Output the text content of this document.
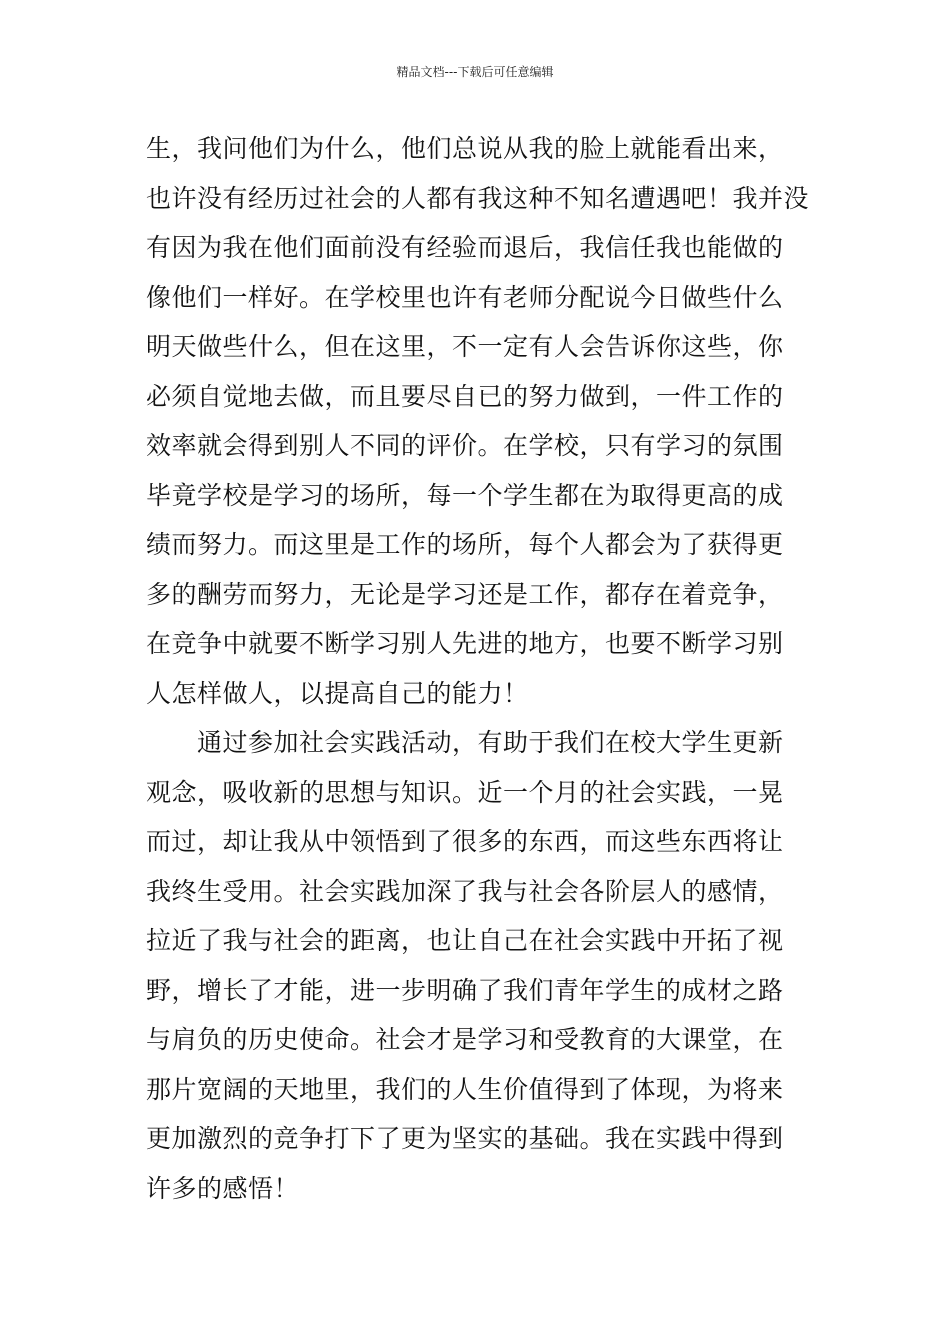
精品文档---下载后可任意编辑
生，我问他们为什么，他们总说从我的脸上就能看出来，
也许没有经历过社会的人都有我这种不知名遭遇吧！我并没
有因为我在他们面前没有经验而退后，我信任我也能做的
像他们一样好。在学校里也许有老师分配说今日做些什么
明天做些什么，但在这里，不一定有人会告诉你这些，你
必须自觉地去做，而且要尽自已的努力做到，一件工作的
效率就会得到别人不同的评价。在学校，只有学习的氛围
毕竟学校是学习的场所，每一个学生都在为取得更高的成
绩而努力。而这里是工作的场所，每个人都会为了获得更
多的酬劳而努力，无论是学习还是工作，都存在着竞争，
在竞争中就要不断学习别人先进的地方，也要不断学习别
人怎样做人，以提高自己的能力！
　　通过参加社会实践活动，有助于我们在校大学生更新
观念，吸收新的思想与知识。近一个月的社会实践，一晃
而过，却让我从中领悟到了很多的东西，而这些东西将让
我终生受用。社会实践加深了我与社会各阶层人的感情，
拉近了我与社会的距离，也让自己在社会实践中开拓了视
野，增长了才能，进一步明确了我们青年学生的成材之路
与肩负的历史使命。社会才是学习和受教育的大课堂，在
那片宽阔的天地里，我们的人生价值得到了体现，为将来
更加激烈的竞争打下了更为坚实的基础。我在实践中得到
许多的感悟！
